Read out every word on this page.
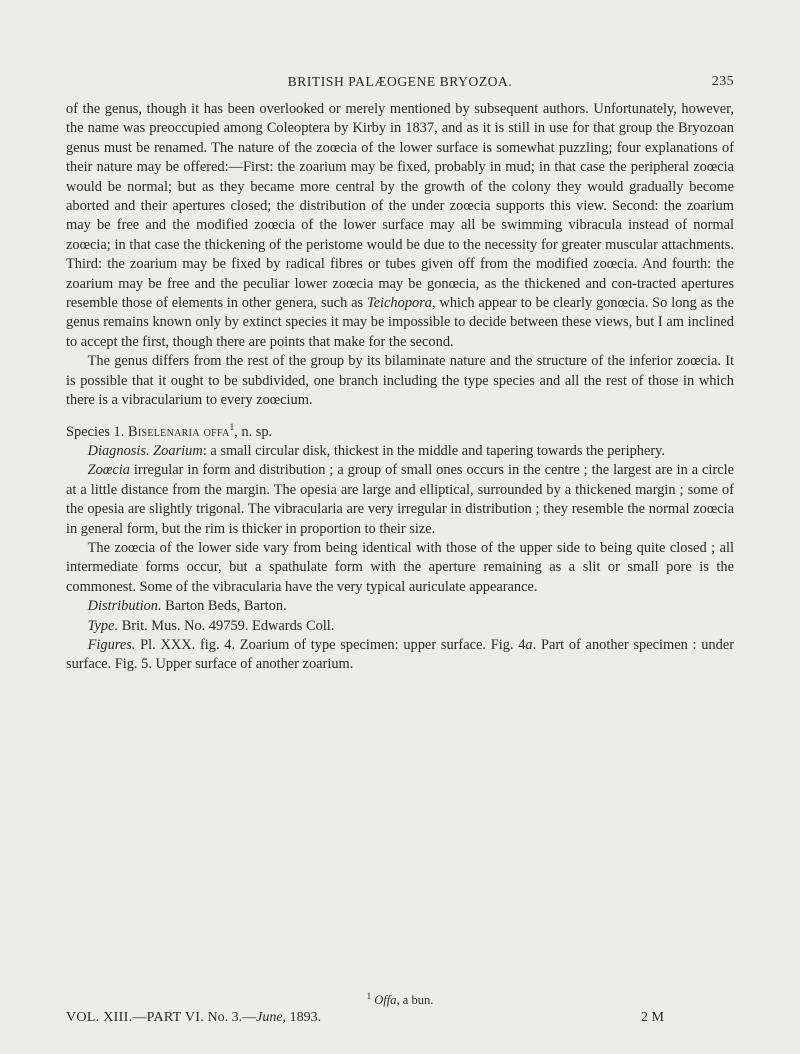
BRITISH PALÆOGENE BRYOZOA.	235

of the genus, though it has been overlooked or merely mentioned by subsequent authors. Unfortunately, however, the name was preoccupied among Coleoptera by Kirby in 1837, and as it is still in use for that group the Bryozoan genus must be renamed. The nature of the zoœcia of the lower surface is somewhat puzzling; four explanations of their nature may be offered:—First: the zoarium may be fixed, probably in mud; in that case the peripheral zoœcia would be normal; but as they became more central by the growth of the colony they would gradually become aborted and their apertures closed; the distribution of the under zoœcia supports this view. Second: the zoarium may be free and the modified zoœcia of the lower surface may all be swimming vibracula instead of normal zoœcia; in that case the thickening of the peristome would be due to the necessity for greater muscular attachments. Third: the zoarium may be fixed by radical fibres or tubes given off from the modified zoœcia. And fourth: the zoarium may be free and the peculiar lower zoœcia may be gonœcia, as the thickened and con-tracted apertures resemble those of elements in other genera, such as Teichopora, which appear to be clearly gonœcia. So long as the genus remains known only by extinct species it may be impossible to decide between these views, but I am inclined to accept the first, though there are points that make for the second.

The genus differs from the rest of the group by its bilaminate nature and the structure of the inferior zoœcia. It is possible that it ought to be subdivided, one branch including the type species and all the rest of those in which there is a vibracularium to every zoœcium.

Species 1. Biselenaria offa$^1$, n. sp.

Diagnosis. Zoarium: a small circular disk, thickest in the middle and tapering towards the periphery.

Zoœcia irregular in form and distribution ; a group of small ones occurs in the centre ; the largest are in a circle at a little distance from the margin. The opesia are large and elliptical, surrounded by a thickened margin ; some of the opesia are slightly trigonal. The vibracularia are very irregular in distribution ; they resemble the normal zoœcia in general form, but the rim is thicker in proportion to their size.

The zoœcia of the lower side vary from being identical with those of the upper side to being quite closed ; all intermediate forms occur, but a spathulate form with the aperture remaining as a slit or small pore is the commonest. Some of the vibracularia have the very typical auriculate appearance.

Distribution. Barton Beds, Barton.

Type. Brit. Mus. No. 49759. Edwards Coll.

Figures. Pl. XXX. fig. 4. Zoarium of type specimen: upper surface. Fig. 4a. Part of another specimen : under surface. Fig. 5. Upper surface of another zoarium.

$^1$ Offa, a bun.
VOL. XIII.—PART VI. No. 3.—June, 1893.	2 M
